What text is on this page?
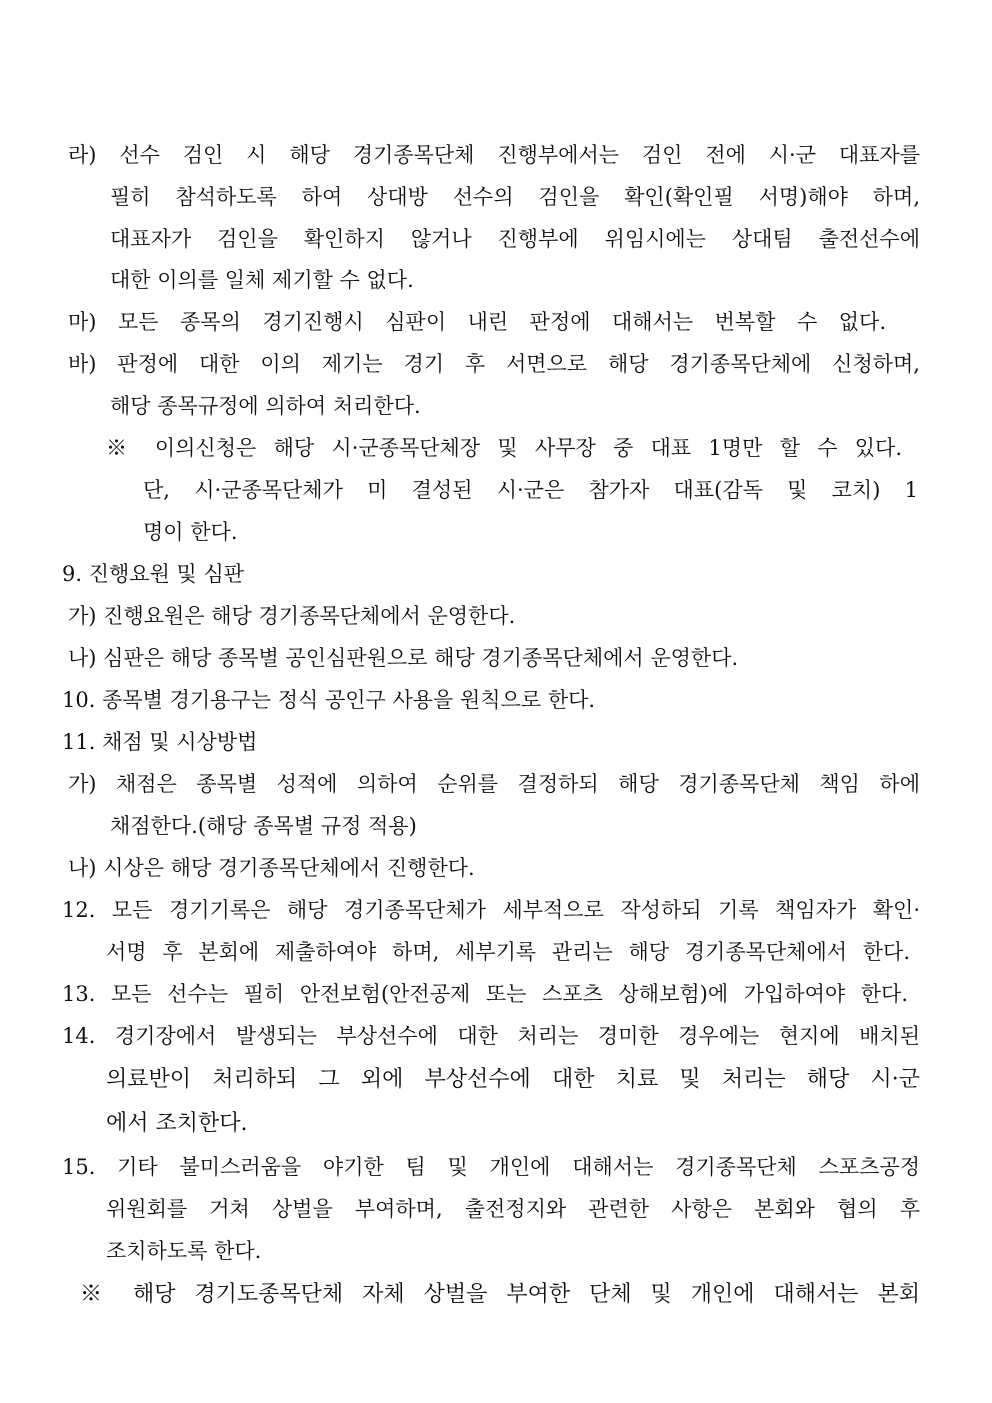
라) 선수 검인 시 해당 경기종목단체 진행부에서는 검인 전에 시·군 대표자를
필히 참석하도록 하여 상대방 선수의 검인을 확인(확인필 서명)해야 하며,
대표자가 검인을 확인하지 않거나 진행부에 위임시에는 상대팀 출전선수에
대한 이의를 일체 제기할 수 없다.
마) 모든 종목의 경기진행시 심판이 내린 판정에 대해서는 번복할 수 없다.
바) 판정에 대한 이의 제기는 경기 후 서면으로 해당 경기종목단체에 신청하며,
해당 종목규정에 의하여 처리한다.
※ 이의신청은 해당 시·군종목단체장 및 사무장 중 대표 1명만 할 수 있다.
단, 시·군종목단체가 미 결성된 시·군은 참가자 대표(감독 및 코치) 1
명이 한다.
9. 진행요원 및 심판
가) 진행요원은 해당 경기종목단체에서 운영한다.
나) 심판은 해당 종목별 공인심판원으로 해당 경기종목단체에서 운영한다.
10. 종목별 경기용구는 정식 공인구 사용을 원칙으로 한다.
11. 채점 및 시상방법
가) 채점은 종목별 성적에 의하여 순위를 결정하되 해당 경기종목단체 책임 하에
채점한다.(해당 종목별 규정 적용)
나) 시상은 해당 경기종목단체에서 진행한다.
12. 모든 경기기록은 해당 경기종목단체가 세부적으로 작성하되 기록 책임자가 확인·
서명 후 본회에 제출하여야 하며, 세부기록 관리는 해당 경기종목단체에서 한다.
13. 모든 선수는 필히 안전보험(안전공제 또는 스포츠 상해보험)에 가입하여야 한다.
14. 경기장에서 발생되는 부상선수에 대한 처리는 경미한 경우에는 현지에 배치된
의료반이 처리하되 그 외에 부상선수에 대한 치료 및 처리는 해당 시·군
에서 조치한다.
15. 기타 불미스러움을 야기한 팀 및 개인에 대해서는 경기종목단체 스포츠공정
위원회를 거쳐 상벌을 부여하며, 출전정지와 관련한 사항은 본회와 협의 후
조치하도록 한다.
※ 해당 경기도종목단체 자체 상벌을 부여한 단체 및 개인에 대해서는 본회
